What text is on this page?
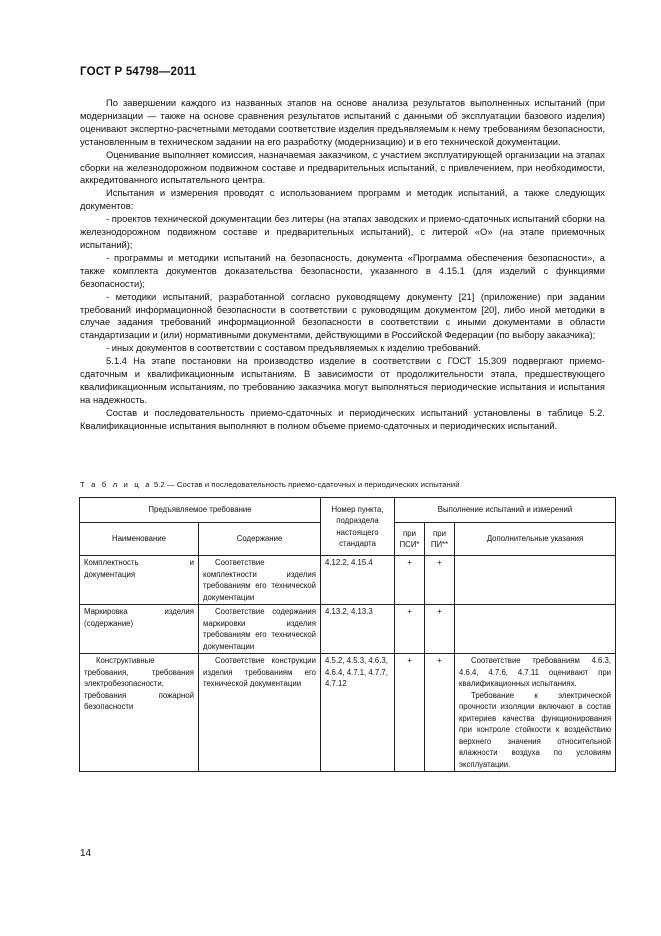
ГОСТ Р 54798—2011

По завершении каждого из названных этапов на основе анализа результатов выполненных испытаний (при модернизации — также на основе сравнения результатов испытаний с данными об эксплуатации базового изделия) оценивают экспертно-расчетными методами соответствие изделия предъявляемым к нему требованиям безопасности, установленным в техническом задании на его разработку (модернизацию) и в его технической документации.

Оценивание выполняет комиссия, назначаемая заказчиком, с участием эксплуатирующей организации на этапах сборки на железнодорожном подвижном составе и предварительных испытаний, с привлечением, при необходимости, аккредитованного испытательного центра.

Испытания и измерения проводят с использованием программ и методик испытаний, а также следующих документов:

- проектов технической документации без литеры (на этапах заводских и приемо-сдаточных испытаний сборки на железнодорожном подвижном составе и предварительных испытаний), с литерой «О» (на этапе приемочных испытаний);

- программы и методики испытаний на безопасность, документа «Программа обеспечения безопасности», а также комплекта документов доказательства безопасности, указанного в 4.15.1 (для изделий с функциями безопасности);

- методики испытаний, разработанной согласно руководящему документу [21] (приложение) при задании требований информационной безопасности в соответствии с руководящим документом [20], либо иной методики в случае задания требований информационной безопасности в соответствии с иными документами в области стандартизации и (или) нормативными документами, действующими в Российской Федерации (по выбору заказчика);

- иных документов в соответствии с составом предъявляемых к изделию требований.

5.1.4 На этапе постановки на производство изделие в соответствии с ГОСТ 15.309 подвергают приемо-сдаточным и квалификационным испытаниям. В зависимости от продолжительности этапа, предшествующего квалификационным испытаниям, по требованию заказчика могут выполняться периодические испытания и испытания на надежность.

Состав и последовательность приемо-сдаточных и периодических испытаний установлены в таблице 5.2. Квалификационные испытания выполняют в полном объеме приемо-сдаточных и периодических испытаний.

Т а б л и ц а 5.2 — Состав и последовательность приемо-сдаточных и периодических испытаний
Предъявляемое требование		Номер пункта, подраздела настоящего стандарта	Выполнение испытаний и измерений		
Наименование	Содержание		при ПСИ*	при ПИ**	Дополнительные указания
Комплектность и документация	Соответствие комплектности изделия требованиям его технической документации	4.12.2, 4.15.4	+	+	

Маркировка изделия (содержание)	Соответствие содержания маркировки изделия требованиям его технической документации	4.13.2, 4.13.3	+	+	

Конструктивные требования, требования электробезопасности, требования пожарной безопасности	Соответствие конструкции изделия требованиям его технической документации	4.5.2, 4.5.3, 4.6.3, 4.6.4, 4.7.1, 4.7.7, 4.7.12	+	+	Соответствие требованиям 4.6.3, 4.6.4, 4.7.6, 4.7.11 оценивают при квалификационных испытаниях.

Требование к электрической прочности изоляции включают в состав критериев качества функционирования при контроле стойкости к воздействию верхнего значения относительной влажности воздуха по условиям эксплуатации.

14
